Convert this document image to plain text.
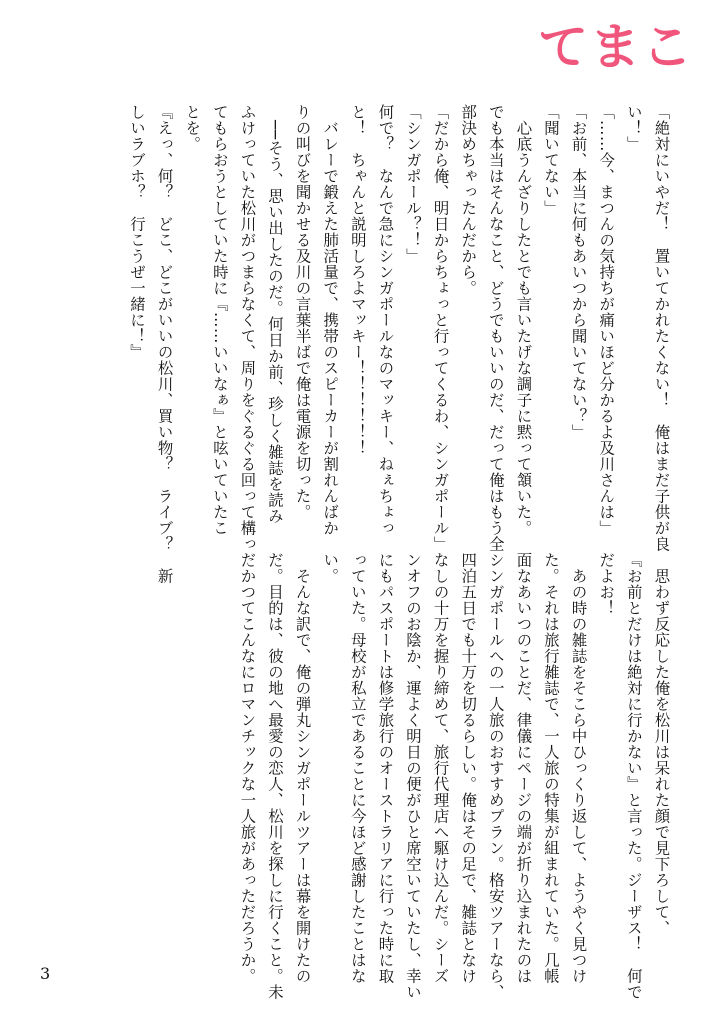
てまこ
「絶対にいやだ！　置いてかれたくない！　俺はまだ子供が良
い！」
「……今、まつんの気持ちが痛いほど分かるよ及川さんは」
「お前、本当に何もあいつから聞いてない？」
「聞いてない」
　心底うんざりしたとでも言いたげな調子に黙って頷いた。
でも本当はそんなこと、どうでもいいのだ、だって俺はもう全
部決めちゃったんだから。
「だから俺、明日からちょっと行ってくるわ、シンガポール」
「シンガポール？！」
何で？　なんで急にシンガポールなのマッキー、ねぇちょっ
と！　ちゃんと説明しろよマッキー！！！！！！
　バレーで鍛えた肺活量で、携帯のスピーカーが割れんばか
りの叫びを聞かせる及川の言葉半ばで俺は電源を切った。
　──そう、思い出したのだ。何日か前、珍しく雑誌を読み
ふけっていた松川がつまらなくて、周りをぐるぐる回って構っ
てもらおうとしていた時に『……いいなぁ』と呟いていたこ
とを。
『えっ、何？　どこ、どこがいいの松川、買い物？　ライブ？　新
しいラブホ？　行こうぜ一緒に！』
　思わず反応した俺を松川は呆れた顔で見下ろして、
『お前とだけは絶対に行かない』と言った。ジーザス！　何で
だよお！
　あの時の雑誌をそこら中ひっくり返して、ようやく見つけ
た。それは旅行雑誌で、一人旅の特集が組まれていた。几帳
面なあいつのことだ、律儀にページの端が折り込まれたのは
シンガポールへの一人旅のおすすめプラン。格安ツアーなら、
四泊五日でも十万を切るらしい。俺はその足で、雑誌となけ
なしの十万を握り締めて、旅行代理店へ駆け込んだ。シーズ
ンオフのお陰か、運よく明日の便がひと席空いていたし、幸い
にもパスポートは修学旅行のオーストラリアに行った時に取
っていた。母校が私立であることに今ほど感謝したことはな
い。
　そんな訳で、俺の弾丸シンガポールツアーは幕を開けたの
だ。目的は、彼の地へ最愛の恋人、松川を探しに行くこと。未
だかつてこんなにロマンチックな一人旅があっただろうか。
3
